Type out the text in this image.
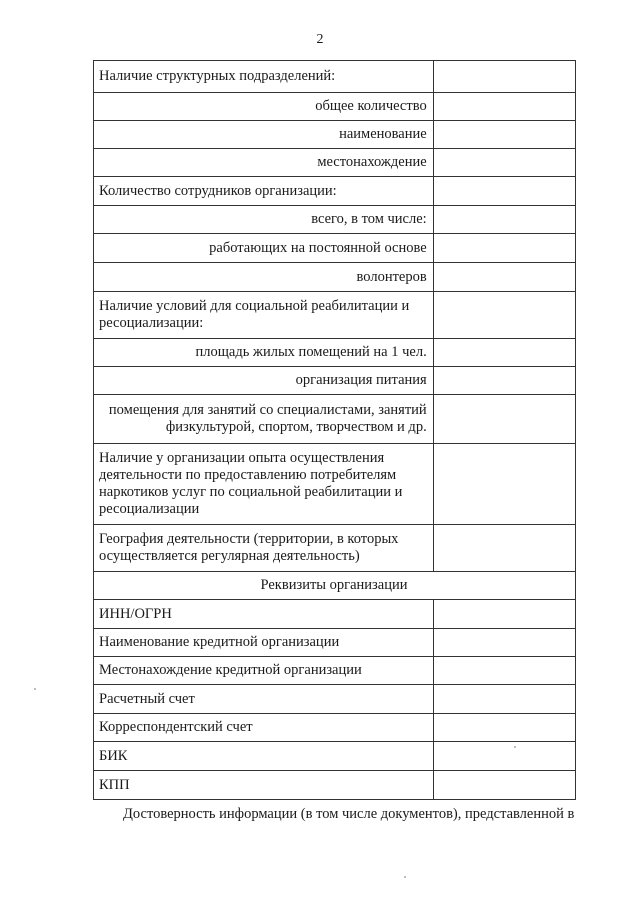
2
Наличие структурных подразделений:	
общее количество	
наименование	
местонахождение	
Количество сотрудников организации:	
всего, в том числе:	
работающих на постоянной основе	
волонтеров	
Наличие условий для социальной реабилитации и ресоциализации:	
площадь жилых помещений на 1 чел.	
организация питания	
помещения для занятий со специалистами, занятий физкультурой, спортом, творчеством и др.	
Наличие у организации опыта осуществления деятельности по предоставлению потребителям наркотиков услуг по социальной реабилитации и ресоциализации	
География деятельности (территории, в которых осуществляется регулярная деятельность)	
Реквизиты организации	
ИНН/ОГРН	
Наименование кредитной организации	
Местонахождение кредитной организации	
Расчетный счет	
Корреспондентский счет	
БИК	
КПП	
Достоверность информации (в том числе документов), представленной в
